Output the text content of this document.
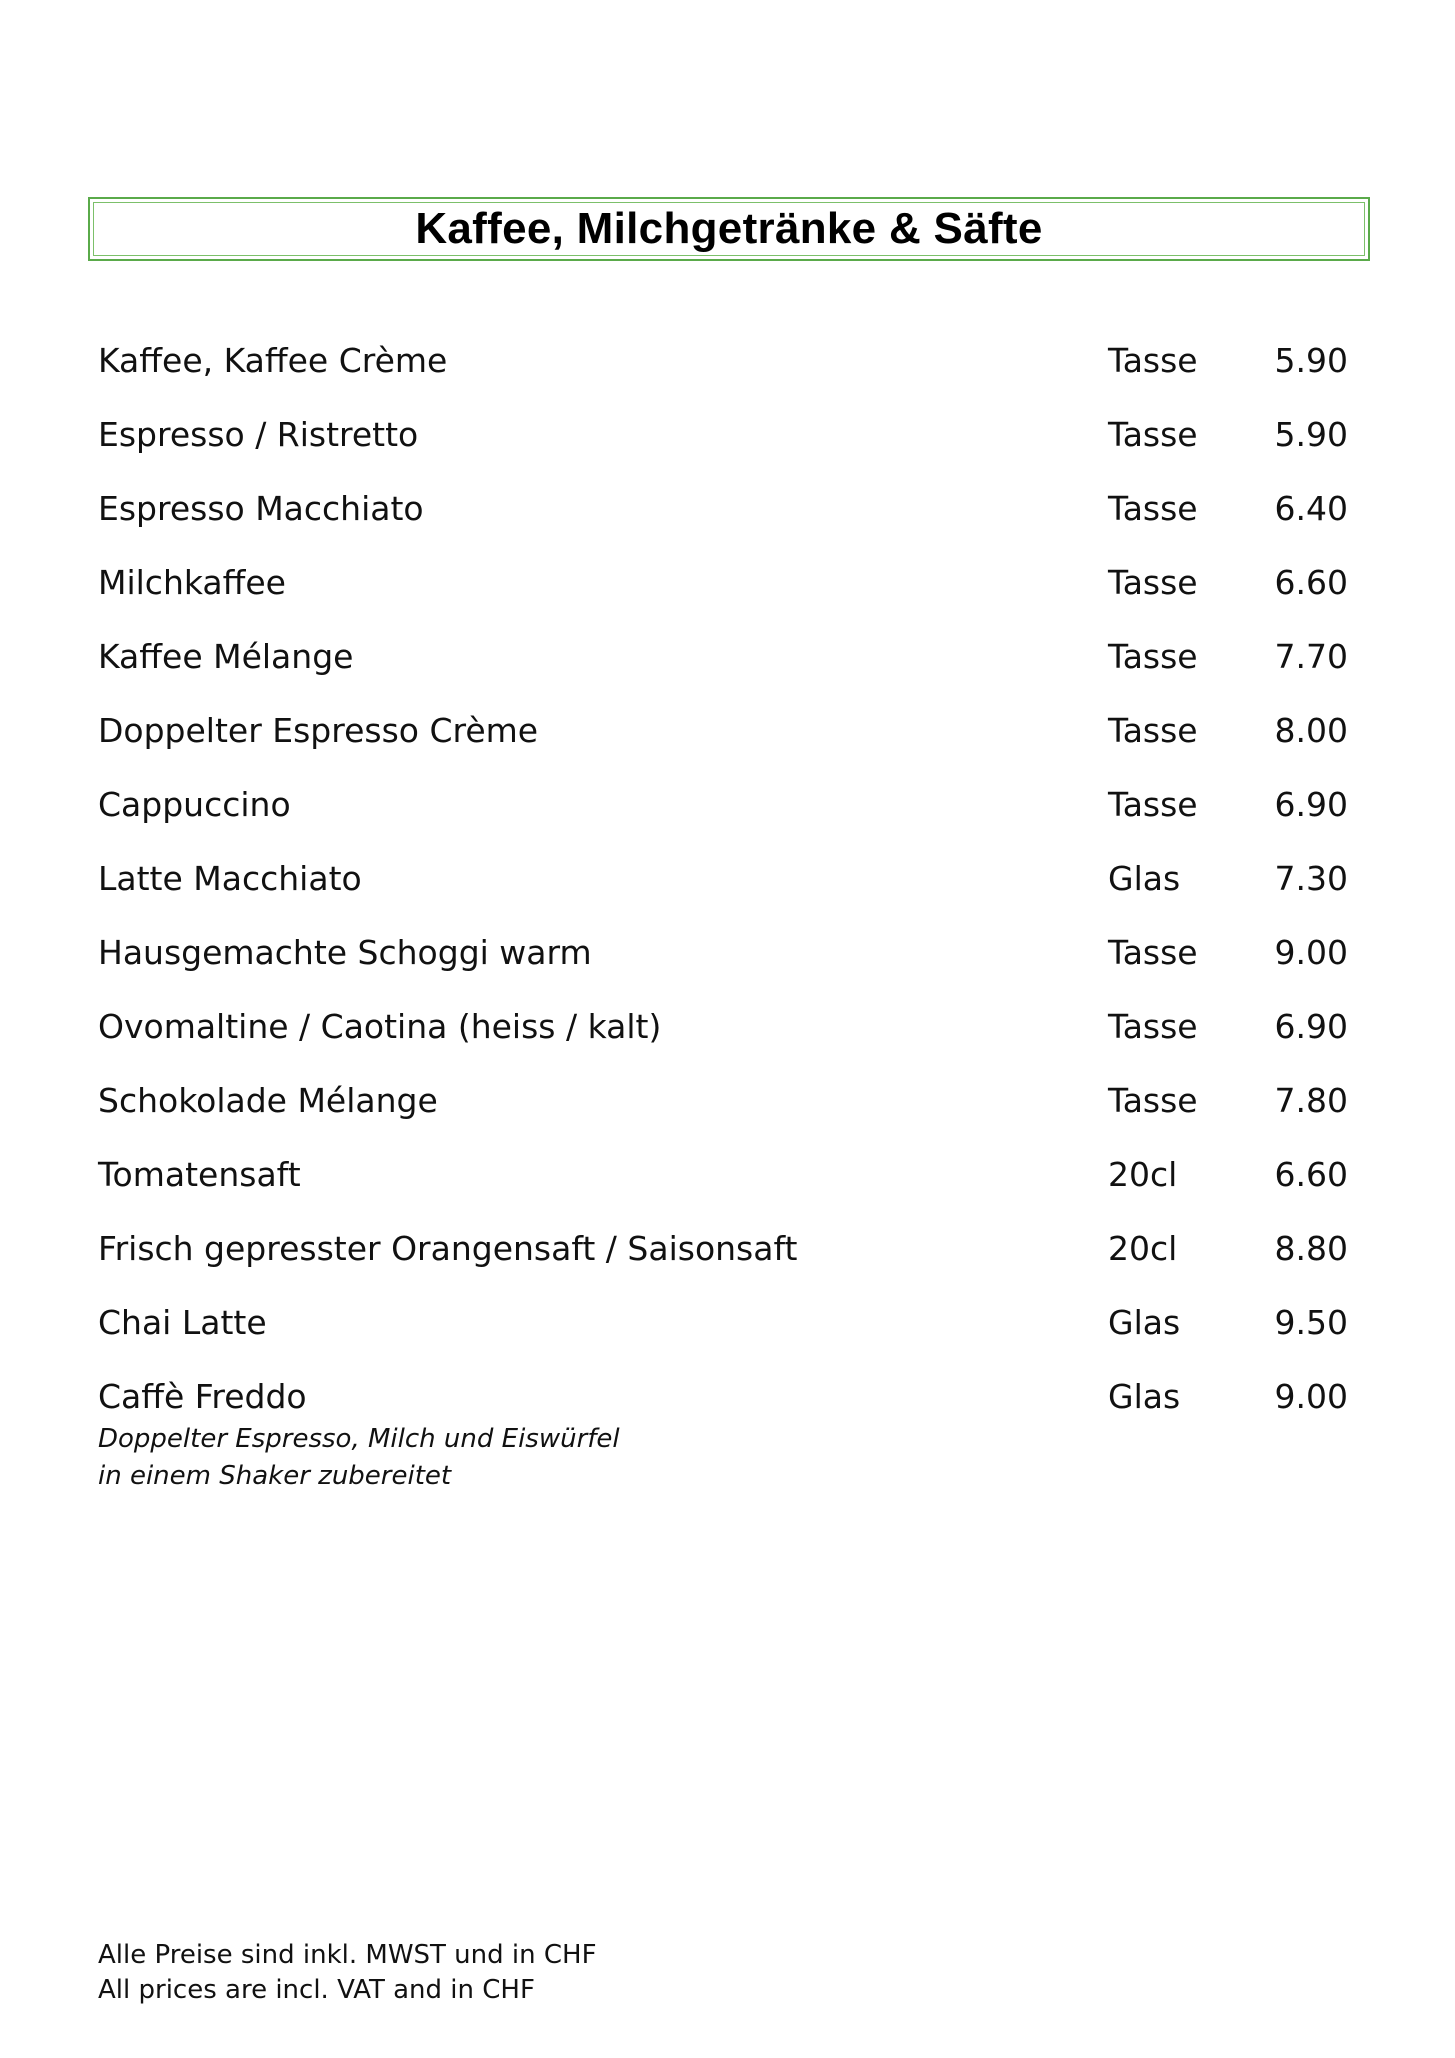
Kaffee, Milchgetränke & Säfte
Kaffee, Kaffee Crème	Tasse 5.90
Espresso / Ristretto	Tasse 5.90
Espresso Macchiato	Tasse 6.40
Milchkaffee	Tasse 6.60
Kaffee Mélange	Tasse 7.70
Doppelter Espresso Crème	Tasse 8.00
Cappuccino	Tasse 6.90
Latte Macchiato	Glas	7.30
Hausgemachte Schoggi warm	Tasse 9.00
Ovomaltine / Caotina (heiss / kalt)	Tasse 6.90
Schokolade Mélange	Tasse 7.80
Tomatensaft	20cl	6.60
Frisch gepresster Orangensaft / Saisonsaft	20cl	8.80
Chai Latte	Glas	9.50
Caffè Freddo	Glas	9.00
Doppelter Espresso, Milch und Eiswürfel
in einem Shaker zubereitet
Alle Preise sind inkl. MWST und in CHF
All prices are incl. VAT and in CHF
